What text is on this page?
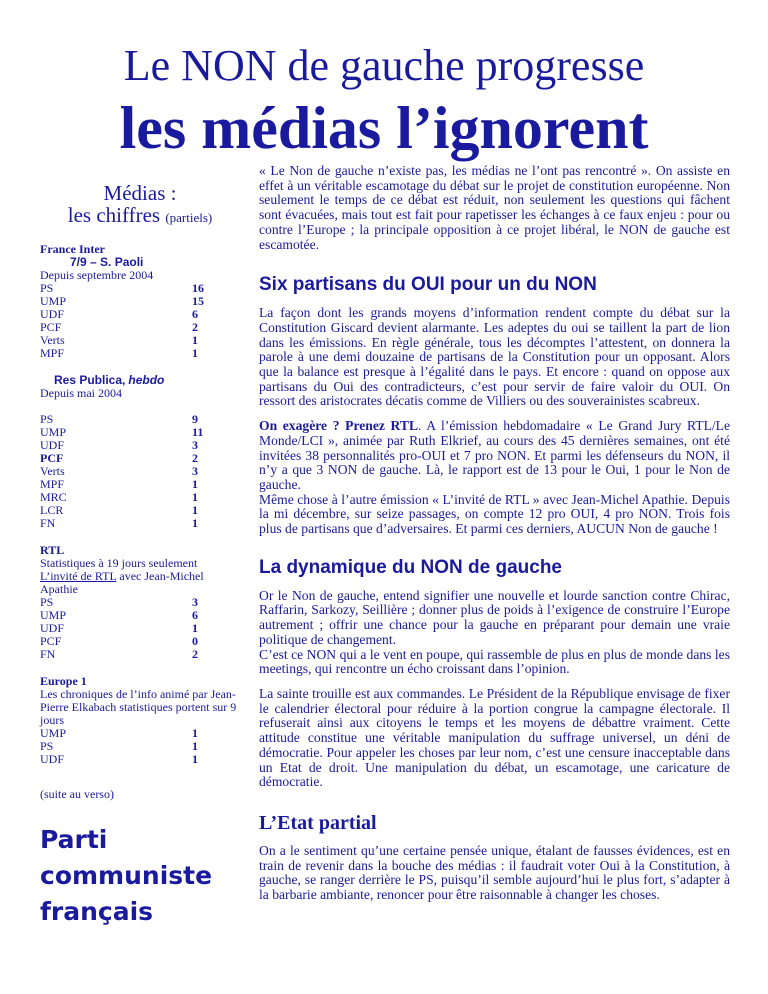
Le NON de gauche progresse
les médias l’ignorent
Médias :
les chiffres (partiels)
France Inter
7/9 – S. Paoli
Depuis septembre 2004
PS	16
UMP	15
UDF	6
PCF	2
Verts	1
MPF	1
Res Publica, hebdo
Depuis mai 2004
PS	9
UMP	11
UDF	3
PCF	2
Verts	3
MPF	1
MRC	1
LCR	1
FN	1
RTL
Statistiques à 19 jours seulement
L’invité de RTL avec Jean-Michel Apathie
PS	3
UMP	6
UDF	1
PCF	0
FN	2
Europe 1
Les chroniques de l’info animé par Jean-Pierre Elkabach statistiques portent sur 9 jours
UMP	1
PS	1
UDF	1
(suite au verso)
Parti
communiste
français

« Le Non de gauche n’existe pas, les médias ne l’ont pas rencontré ». On assiste en effet à un véritable escamotage du débat sur le projet de constitution européenne. Non seulement le temps de ce débat est réduit, non seulement les questions qui fâchent sont évacuées, mais tout est fait pour rapetisser les échanges à ce faux enjeu : pour ou contre l’Europe ; la principale opposition à ce projet libéral, le NON de gauche est escamotée.

Six partisans du OUI pour un du NON

La façon dont les grands moyens d’information rendent compte du débat sur la Constitution Giscard devient alarmante. Les adeptes du oui se taillent la part de lion dans les émissions. En règle générale, tous les décomptes l’attestent, on donnera la parole à une demi douzaine de partisans de la Constitution pour un opposant. Alors que la balance est presque à l’égalité dans le pays. Et encore : quand on oppose aux partisans du Oui des contradicteurs, c’est pour servir de faire valoir du OUI. On ressort des aristocrates décatis comme de Villiers ou des souverainistes scabreux.

On exagère ? Prenez RTL. A l’émission hebdomadaire « Le Grand Jury RTL/Le Monde/LCI », animée par Ruth Elkrief, au cours des 45 dernières semaines, ont été invitées 38 personnalités pro-OUI et 7 pro NON. Et parmi les défenseurs du NON, il n’y a que 3 NON de gauche. Là, le rapport est de 13 pour le Oui, 1 pour le Non de gauche.

Même chose à l’autre émission « L’invité de RTL » avec Jean-Michel Apathie. Depuis la mi décembre, sur seize passages, on compte 12 pro OUI, 4 pro NON. Trois fois plus de partisans que d’adversaires. Et parmi ces derniers, AUCUN Non de gauche !

La dynamique du NON de gauche

Or le Non de gauche, entend signifier une nouvelle et lourde sanction contre Chirac, Raffarin, Sarkozy, Seillière ; donner plus de poids à l’exigence de construire l’Europe autrement ; offrir une chance pour la gauche en préparant pour demain une vraie politique de changement.

C’est ce NON qui a le vent en poupe, qui rassemble de plus en plus de monde dans les meetings, qui rencontre un écho croissant dans l’opinion.

La sainte trouille est aux commandes. Le Président de la République envisage de fixer le calendrier électoral pour réduire à la portion congrue la campagne électorale. Il refuserait ainsi aux citoyens le temps et les moyens de débattre vraiment. Cette attitude constitue une véritable manipulation du suffrage universel, un déni de démocratie. Pour appeler les choses par leur nom, c’est une censure inacceptable dans un Etat de droit. Une manipulation du débat, un escamotage, une caricature de démocratie.

L’Etat partial

On a le sentiment qu’une certaine pensée unique, étalant de fausses évidences, est en train de revenir dans la bouche des médias : il faudrait voter Oui à la Constitution, à gauche, se ranger derrière le PS, puisqu’il semble aujourd’hui le plus fort, s’adapter à la barbarie ambiante, renoncer pour être raisonnable à changer les choses.
